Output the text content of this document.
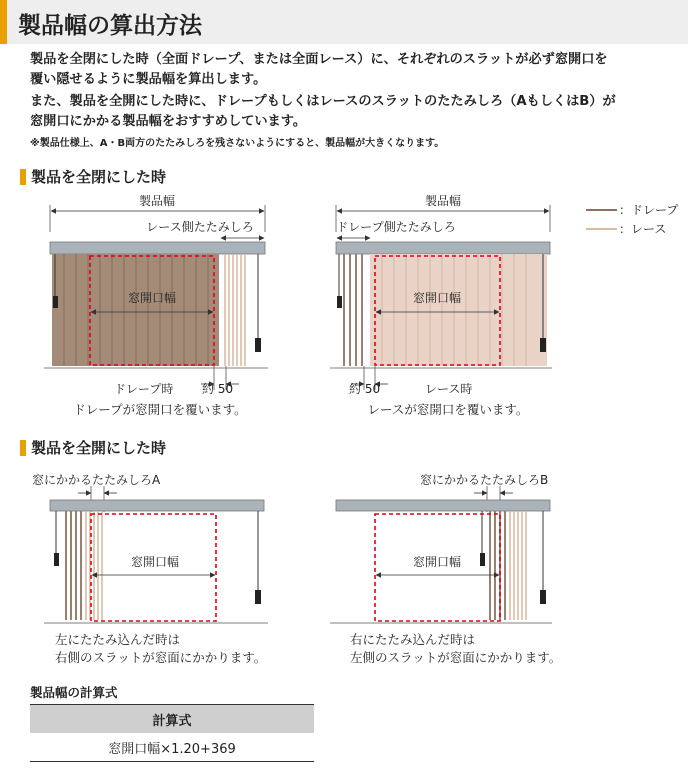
製品幅の算出方法
製品を全閉にした時（全面ドレープ、または全面レース）に、それぞれのスラットが必ず窓開口を
覆い隠せるように製品幅を算出します。
また、製品を全開にした時に、ドレープもしくはレースのスラットのたたみしろ（AもしくはB）が
窓開口にかかる製品幅をおすすめしています。
※製品仕様上、A・B両方のたたみしろを残さないようにすると、製品幅が大きくなります。
製品を全閉にした時
製品を全開にした時
：ドレープ
：レース
製品幅
レース側たたみしろ
窓開口幅
ドレープ時 約 50
製品幅
ドレープ側たたみしろ
窓開口幅
約 50	レース時
窓にかかるたたみしろA
窓開口幅
窓にかかるたたみしろB
窓開口幅
ドレープが窓開口を覆います。	レースが窓開口を覆います。
左にたたみ込んだ時は
右側のスラットが窓面にかかります。
右にたたみ込んだ時は
左側のスラットが窓面にかかります。
製品幅の計算式
計算式
窓開口幅×1.20+369
